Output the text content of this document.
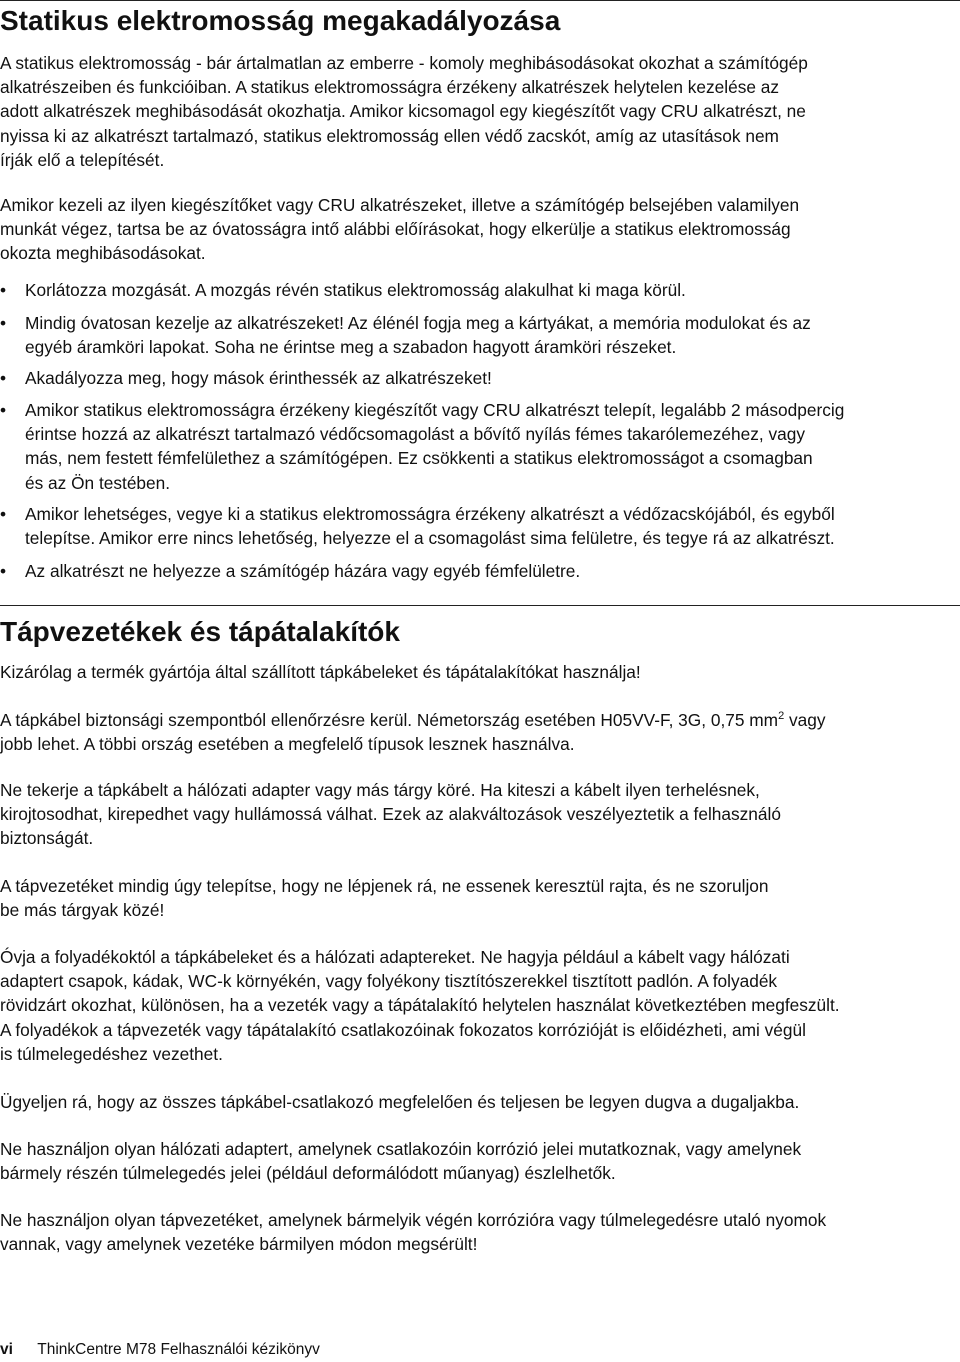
Statikus elektromosság megakadályozása
A statikus elektromosság - bár ártalmatlan az emberre - komoly meghibásodásokat okozhat a számítógép
alkatrészeiben és funkcióiban. A statikus elektromosságra érzékeny alkatrészek helytelen kezelése az
adott alkatrészek meghibásodását okozhatja. Amikor kicsomagol egy kiegészítőt vagy CRU alkatrészt, ne
nyissa ki az alkatrészt tartalmazó, statikus elektromosság ellen védő zacskót, amíg az utasítások nem
írják elő a telepítését.
Amikor kezeli az ilyen kiegészítőket vagy CRU alkatrészeket, illetve a számítógép belsejében valamilyen
munkát végez, tartsa be az óvatosságra intő alábbi előírásokat, hogy elkerülje a statikus elektromosság
okozta meghibásodásokat.
• Korlátozza mozgását. A mozgás révén statikus elektromosság alakulhat ki maga körül.
• Mindig óvatosan kezelje az alkatrészeket! Az élénél fogja meg a kártyákat, a memória modulokat és az
egyéb áramköri lapokat. Soha ne érintse meg a szabadon hagyott áramköri részeket.
• Akadályozza meg, hogy mások érinthessék az alkatrészeket!
• Amikor statikus elektromosságra érzékeny kiegészítőt vagy CRU alkatrészt telepít, legalább 2 másodpercig
érintse hozzá az alkatrészt tartalmazó védőcsomagolást a bővítő nyílás fémes takarólemezéhez, vagy
más, nem festett fémfelülethez a számítógépen. Ez csökkenti a statikus elektromosságot a csomagban
és az Ön testében.
• Amikor lehetséges, vegye ki a statikus elektromosságra érzékeny alkatrészt a védőzacskójából, és egyből
telepítse. Amikor erre nincs lehetőség, helyezze el a csomagolást sima felületre, és tegye rá az alkatrészt.
• Az alkatrészt ne helyezze a számítógép házára vagy egyéb fémfelületre.
Tápvezetékek és tápátalakítók
Kizárólag a termék gyártója által szállított tápkábeleket és tápátalakítókat használja!
A tápkábel biztonsági szempontból ellenőrzésre kerül. Németország esetében H05VV-F, 3G, 0,75 $mm^2$ vagy
jobb lehet. A többi ország esetében a megfelelő típusok lesznek használva.
Ne tekerje a tápkábelt a hálózati adapter vagy más tárgy köré. Ha kiteszi a kábelt ilyen terhelésnek,
kirojtosodhat, kirepedhet vagy hullámossá válhat. Ezek az alakváltozások veszélyeztetik a felhasználó
biztonságát.
A tápvezetéket mindig úgy telepítse, hogy ne lépjenek rá, ne essenek keresztül rajta, és ne szoruljon
be más tárgyak közé!
Óvja a folyadékoktól a tápkábeleket és a hálózati adaptereket. Ne hagyja például a kábelt vagy hálózati
adaptert csapok, kádak, WC-k környékén, vagy folyékony tisztítószerekkel tisztított padlón. A folyadék
rövidzárt okozhat, különösen, ha a vezeték vagy a tápátalakító helytelen használat következtében megfeszült.
A folyadékok a tápvezeték vagy tápátalakító csatlakozóinak fokozatos korrózióját is előidézheti, ami végül
is túlmelegedéshez vezethet.
Ügyeljen rá, hogy az összes tápkábel-csatlakozó megfelelően és teljesen be legyen dugva a dugaljakba.
Ne használjon olyan hálózati adaptert, amelynek csatlakozóin korrózió jelei mutatkoznak, vagy amelynek
bármely részén túlmelegedés jelei (például deformálódott műanyag) észlelhetők.
Ne használjon olyan tápvezetéket, amelynek bármelyik végén korrózióra vagy túlmelegedésre utaló nyomok
vannak, vagy amelynek vezetéke bármilyen módon megsérült!
vi ThinkCentre M78 Felhasználói kézikönyv
